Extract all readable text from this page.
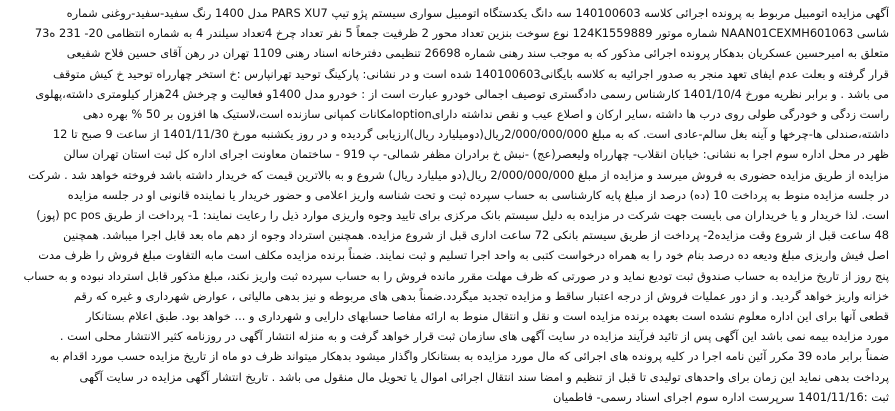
آگهی مزایده اتومبیل مربوط به پرونده اجرائی کلاسه 140100603 سه دانگ یکدستگاه اتومبیل سواری سیستم پژو تیپ PARS XU7 مدل 1400 رنگ سفید-سفید-روغنی شماره
شاسی NAAN01CEXMH601063 شماره موتور 124K1559889 نوع سوخت بنزین تعداد محور 2 ظرفیت جمعاً 5 نفر تعداد چرخ 4تعداد سیلندر 4 به شماره انتظامی 20- 231 ه73
متعلق به امیرحسین عسکریان بدهکار پرونده اجرائی مذکور که به موجب سند رهنی شماره 26698 تنظیمی دفترخانه اسناد رهنی 1109 تهران در رهن آقای حسین فلاح شفیعی
قرار گرفته و بعلت عدم ایفای تعهد منجر به صدور اجرائیه به کلاسه بایگانی140100603 شده است و در نشانی: پارکینگ توحید تهرانپارس :خ استخر چهارراه توحید خ کیش متوقف
می باشد . و برابر نظریه مورخ 1401/10/4 کارشناس رسمی دادگستری توصیف اجمالی خودرو عبارت است از : خودرو مدل 1400و فعالیت و چرخش 24هزار کیلومتری داشته،پهلوی
راست زدگی و خودرگی طولی روی درب ها داشته ،سایر ارکان و اصلاع عیب و نقص نداشته دارایoptionامکانات کمپانی سازنده است،لاستیک ها افزون بر 50 % بهره دهی
داشته،صندلی ها-چرخها و آینه بغل سالم-عادی است. که به مبلغ 2/000/000/000ریال(دومیلیارد ریال)ارزیابی گردیده و در روز یکشنبه مورخ 1401/11/30 از ساعت 9 صبح تا 12
ظهر در محل اداره سوم اجرا به نشانی: خیابان انقلاب- چهارراه ولیعصر(عج) -نبش خ برادران مظفر شمالی- پ 919 - ساختمان معاونت اجرای اداره کل ثبت استان تهران سالن
مزایده از طریق مزایده حضوری به فروش میرسد و مزایده از مبلغ 2/000/000/000 ریال(دو میلیارد ریال) شروع و به بالاترین قیمت که خریدار داشته باشد فروخته خواهد شد . شرکت
در جلسه مزایده منوط به پرداخت 10 (ده) درصد از مبلغ پایه کارشناسی به حساب سپرده ثبت و تحت شناسه واریز اعلامی و حضور خریدار یا نماینده قانونی او در جلسه مزایده
است. لذا خریدار و یا خریداران می بایست جهت شرکت در مزایده به دلیل سیستم بانک مرکزی برای تایید وجوه واریزی موارد ذیل را رعایت نمایند: 1- پرداخت از طریق pc pos (پوز)
48 ساعت قبل از شروع وقت مزایده2- پرداخت از طریق سیستم بانکی 72 ساعت اداری قبل از شروع مزایده. همچنین استرداد وجوه از دهم ماه بعد قابل اجرا میباشد. همچنین
اصل فیش واریزی مبلغ ودیعه ده درصد بنام خود را به همراه درخواست کتبی به واحد اجرا تسلیم و ثبت نمایند. ضمناً برنده مزایده مکلف است مابه التفاوت مبلغ فروش را ظرف مدت
پنج روز از تاریخ مزایده به حساب صندوق ثبت تودیع نماید و در صورتی که ظرف مهلت مقرر مانده فروش را به حساب سپرده ثبت واریز نکند، مبلغ مذکور قابل استرداد نبوده و به حساب
خزانه واریز خواهد گردید. و از دور عملیات فروش از درجه اعتبار ساقط و مزایده تجدید میگردد.ضمناً بدهی های مربوطه و نیز بدهی مالیاتی ، عوارض شهرداری و غیره که رقم
قطعی آنها برای این اداره معلوم نشده است بعهده برنده مزایده است و نقل و انتقال منوط به ارائه مفاصا حسابهای دارایی و شهرداری و ... خواهد بود. طبق اعلام بستانکار
مورد مزایده بیمه نمی باشد این آگهی پس از تائید فرآیند مزایده در سایت آگهی های سازمان ثبت قرار خواهد گرفت و به منزله انتشار آگهی در روزنامه کثیر الانتشار محلی است .
ضمناً برابر ماده 39 مکرر آئین نامه اجرا در کلیه پرونده های اجرائی که مال مورد مزایده به بستانکار واگذار میشود بدهکار میتواند ظرف دو ماه از تاریخ مزایده حسب مورد اقدام به
پرداخت بدهی نماید این زمان برای واحدهای تولیدی تا قبل از تنظیم و امضا سند انتقال اجرائی اموال یا تحویل مال منقول می باشد . تاریخ انتشار آگهی مزایده در سایت آگهی
ثبت :1401/11/16 سرپرست اداره سوم اجرای اسناد رسمی- فاطمیان
